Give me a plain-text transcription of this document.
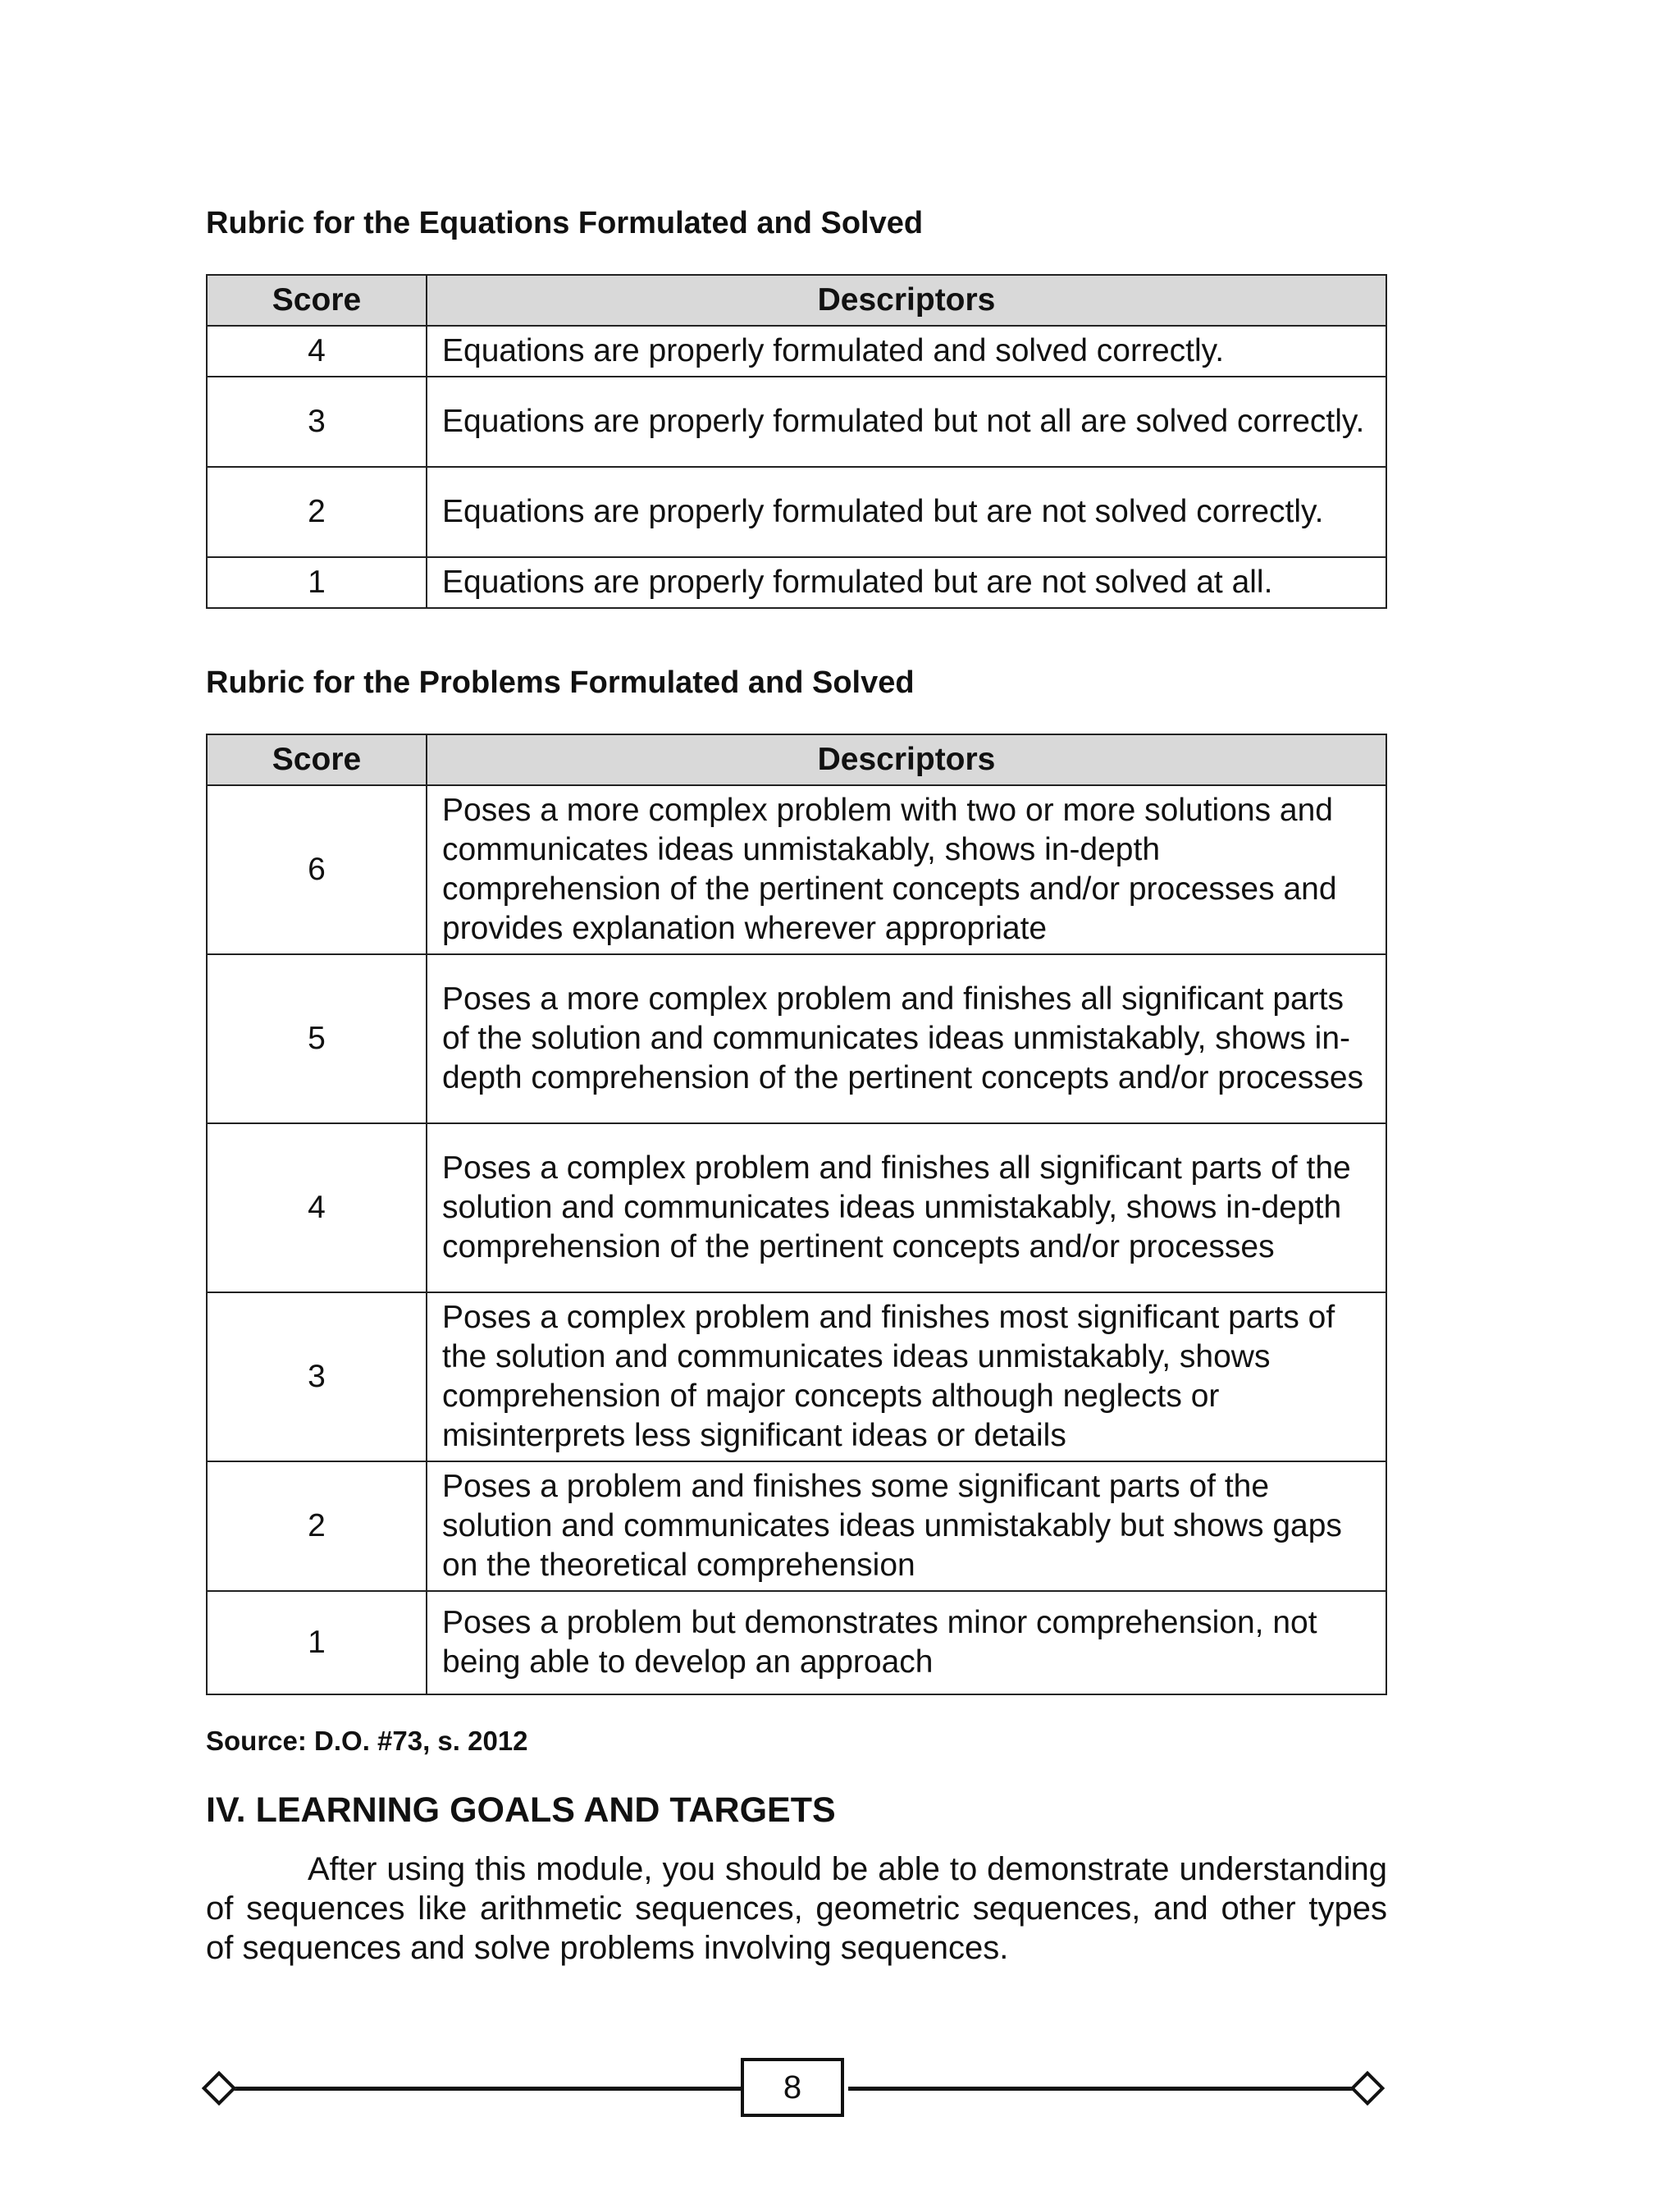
Rubric for the Equations Formulated and Solved

Score	Descriptors
4	Equations are properly formulated and solved correctly.
3	Equations are properly formulated but not all are solved correctly.
2	Equations are properly formulated but are not solved correctly.
1	Equations are properly formulated but are not solved at all.

Rubric for the Problems Formulated and Solved

Score	Descriptors
6	Poses a more complex problem with two or more solutions and communicates ideas unmistakably, shows in-depth comprehension of the pertinent concepts and/or processes and provides explanation wherever appropriate
5	Poses a more complex problem and finishes all significant parts of the solution and communicates ideas unmistakably, shows in-depth comprehension of the pertinent concepts and/or processes
4	Poses a complex problem and finishes all significant parts of the solution and communicates ideas unmistakably, shows in-depth comprehension of the pertinent concepts and/or processes
3	Poses a complex problem and finishes most significant parts of the solution and communicates ideas unmistakably, shows comprehension of major concepts although neglects or misinterprets less significant ideas or details
2	Poses a problem and finishes some significant parts of the solution and communicates ideas unmistakably but shows gaps on the theoretical comprehension
1	Poses a problem but demonstrates minor comprehension, not being able to develop an approach

Source: D.O. #73, s. 2012

IV. LEARNING GOALS AND TARGETS

After using this module, you should be able to demonstrate understanding of sequences like arithmetic sequences, geometric sequences, and other types of sequences and solve problems involving sequences.

8
